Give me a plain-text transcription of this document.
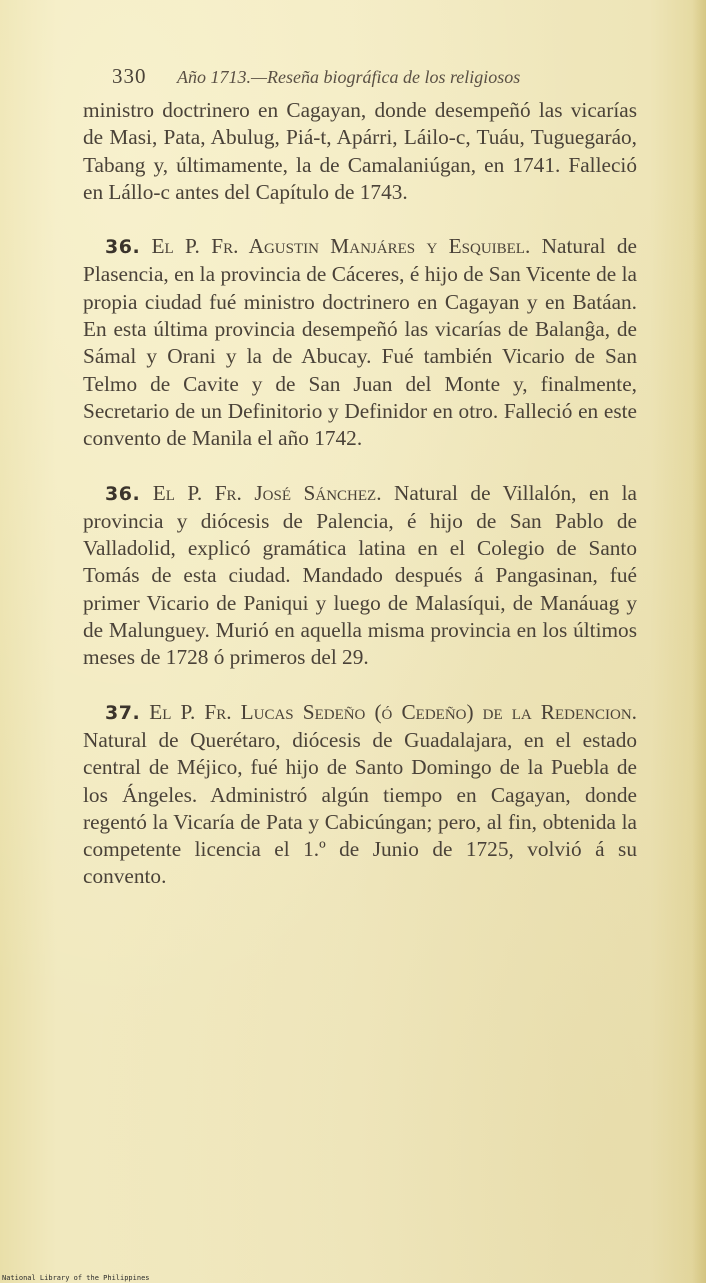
330 Año 1713.—Reseña biográfica de los religiosos

ministro doctrinero en Cagayan, donde desempeñó las vicarías de Masi, Pata, Abulug, Piá-t, Apárri, Láilo-c, Tuáu, Tuguegaráo, Tabang y, últimamente, la de Camalaniúgan, en 1741. Falleció en Lállo-c antes del Capítulo de 1743.

36. El P. Fr. Agustin Manjáres y Esquibel. Natural de Plasencia, en la provincia de Cáceres, é hijo de San Vicente de la propia ciudad fué ministro doctrinero en Cagayan y en Batáan. En esta última provincia desempeñó las vicarías de Balanĝa, de Sámal y Orani y la de Abucay. Fué también Vicario de San Telmo de Cavite y de San Juan del Monte y, finalmente, Secretario de un Definitorio y Definidor en otro. Falleció en este convento de Manila el año 1742.

36. El P. Fr. José Sánchez. Natural de Villalón, en la provincia y diócesis de Palencia, é hijo de San Pablo de Valladolid, explicó gramática latina en el Colegio de Santo Tomás de esta ciudad. Mandado después á Pangasinan, fué primer Vicario de Paniqui y luego de Malasíqui, de Manáuag y de Malunguey. Murió en aquella misma provincia en los últimos meses de 1728 ó primeros del 29.

37. El P. Fr. Lucas Sedeño (ó Cedeño) de la Redencion. Natural de Querétaro, diócesis de Guadalajara, en el estado central de Méjico, fué hijo de Santo Domingo de la Puebla de los Ángeles. Administró algún tiempo en Cagayan, donde regentó la Vicaría de Pata y Cabicúngan; pero, al fin, obtenida la competente licencia el 1.º de Junio de 1725, volvió á su convento.

National Library of the Philippines
